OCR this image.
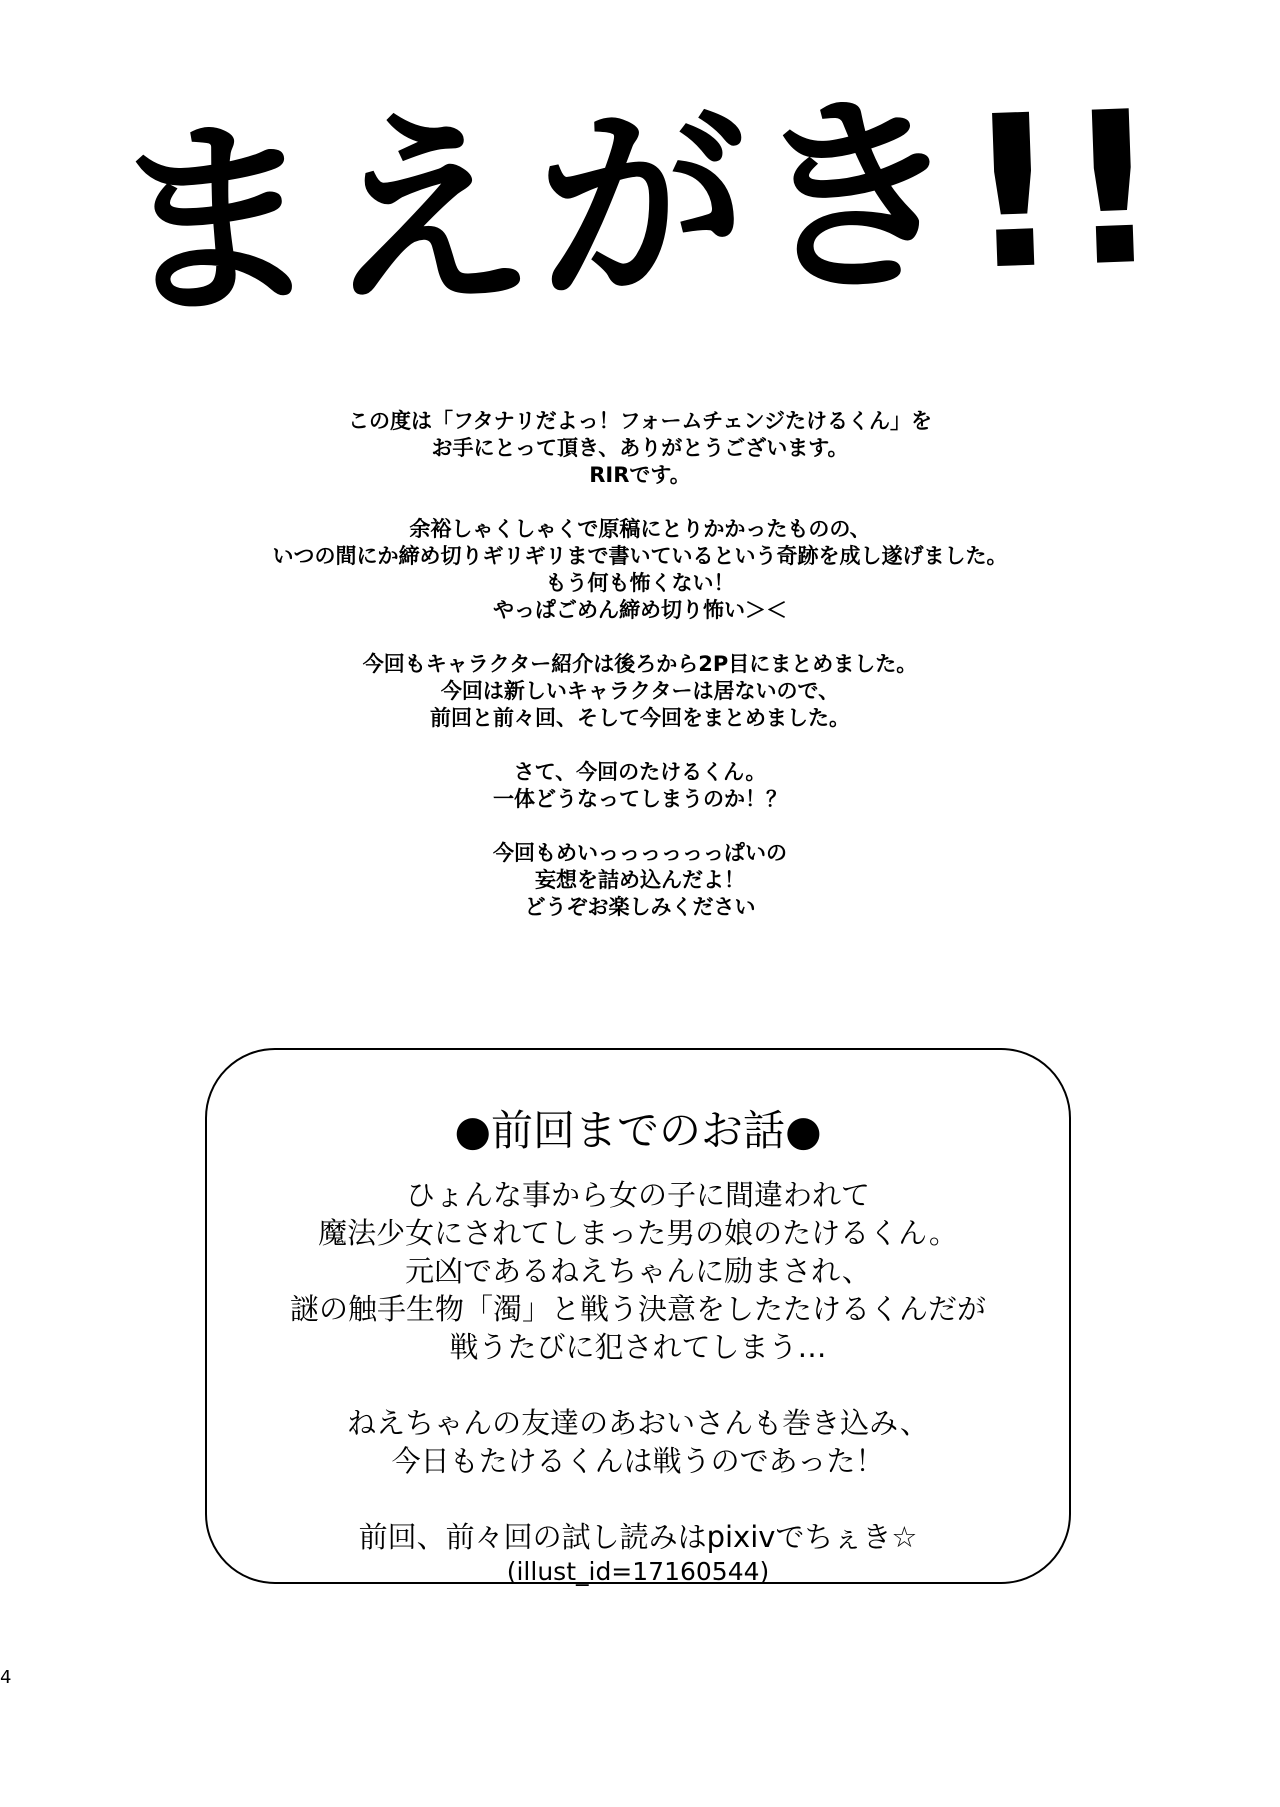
まえがき!!

この度は「フタナリだよっ！フォームチェンジたけるくん」を
お手にとって頂き、ありがとうございます。
RIRです。

余裕しゃくしゃくで原稿にとりかかったものの、
いつの間にか締め切りギリギリまで書いているという奇跡を成し遂げました。
もう何も怖くない！
やっぱごめん締め切り怖い＞＜

今回もキャラクター紹介は後ろから2P目にまとめました。
今回は新しいキャラクターは居ないので、
前回と前々回、そして今回をまとめました。

さて、今回のたけるくん。
一体どうなってしまうのか！？

今回もめいっっっっっっぱいの
妄想を詰め込んだよ！
どうぞお楽しみください

●前回までのお話●

ひょんな事から女の子に間違われて
魔法少女にされてしまった男の娘のたけるくん。
元凶であるねえちゃんに励まされ、
謎の触手生物「濁」と戦う決意をしたたけるくんだが
戦うたびに犯されてしまう…

ねえちゃんの友達のあおいさんも巻き込み、
今日もたけるくんは戦うのであった！

前回、前々回の試し読みはpixivでちぇき☆
(illust_id=17160544)
4
